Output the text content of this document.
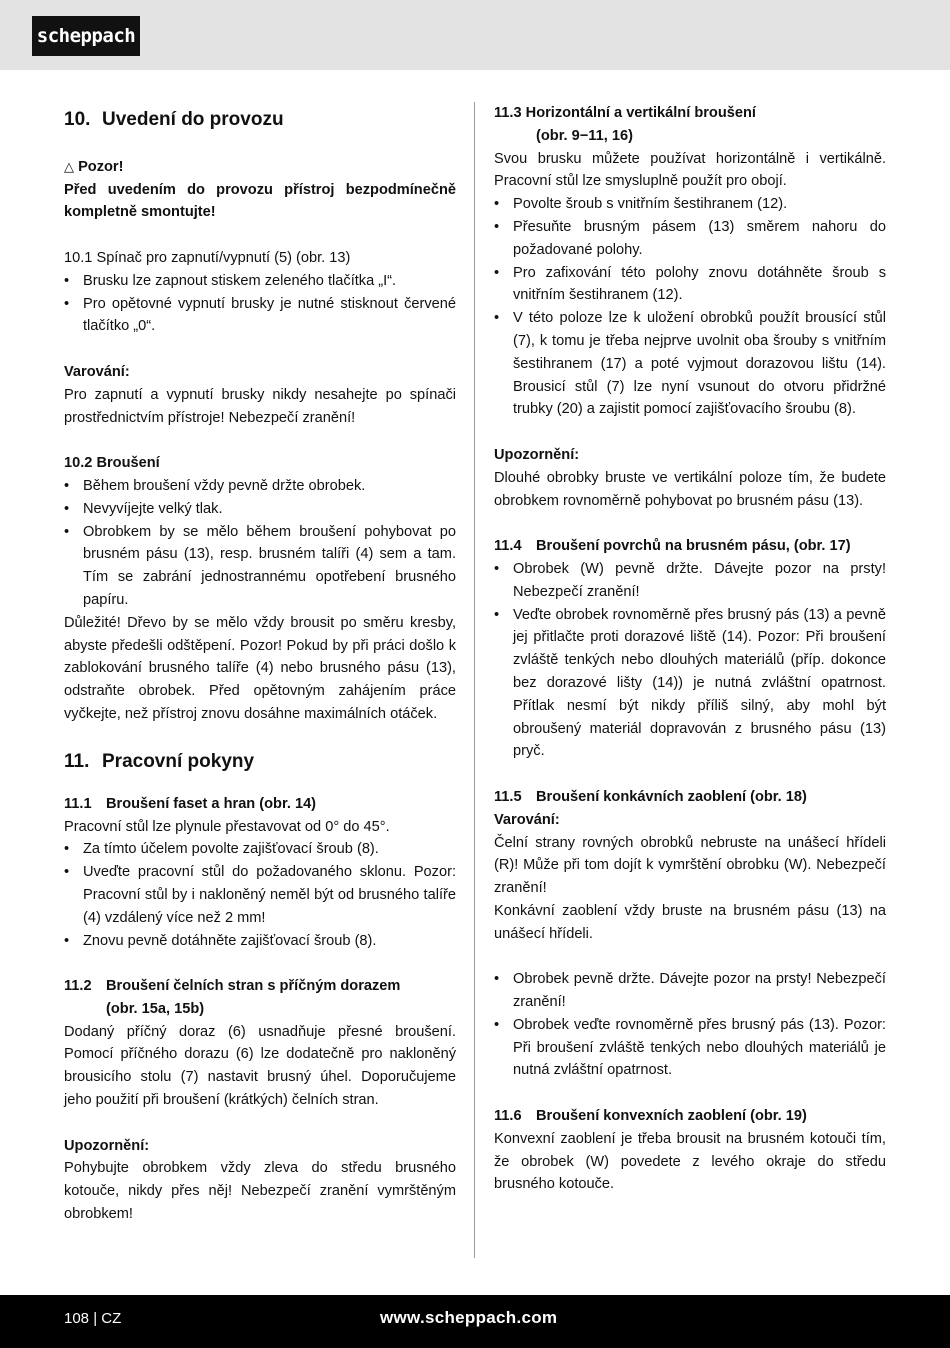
scheppach
10. Uvedení do provozu

△ Pozor!

Před uvedením do provozu přístroj bezpodmínečně kompletně smontujte!

10.1 Spínač pro zapnutí/vypnutí (5) (obr. 13)

• Brusku lze zapnout stiskem zeleného tlačítka „I“.
• Pro opětovné vypnutí brusky je nutné stisknout červené tlačítko „0“.

Varování:

Pro zapnutí a vypnutí brusky nikdy nesahejte po spínači prostřednictvím přístroje! Nebezpečí zranění!

10.2 Broušení

• Během broušení vždy pevně držte obrobek.
• Nevyvíjejte velký tlak.
• Obrobkem by se mělo během broušení pohybovat po brusném pásu (13), resp. brusném talíři (4) sem a tam. Tím se zabrání jednostrannému opotřebení brusného papíru.

Důležité! Dřevo by se mělo vždy brousit po směru kresby, abyste předešli odštěpení. Pozor! Pokud by při práci došlo k zablokování brusného talíře (4) nebo brusného pásu (13), odstraňte obrobek. Před opětovným zahájením práce vyčkejte, než přístroj znovu dosáhne maximálních otáček.

11. Pracovní pokyny

11.1 Broušení faset a hran (obr. 14)

Pracovní stůl lze plynule přestavovat od 0° do 45°.

• Za tímto účelem povolte zajišťovací šroub (8).
• Uveďte pracovní stůl do požadovaného sklonu. Pozor: Pracovní stůl by i nakloněný neměl být od brusného talíře (4) vzdálený více než 2 mm!
• Znovu pevně dotáhněte zajišťovací šroub (8).

11.2 Broušení čelních stran s příčným dorazem

(obr. 15a, 15b)

Dodaný příčný doraz (6) usnadňuje přesné broušení. Pomocí příčného dorazu (6) lze dodatečně pro nakloněný brousicího stolu (7) nastavit brusný úhel. Doporučujeme jeho použití při broušení (krátkých) čelních stran.

Upozornění:

Pohybujte obrobkem vždy zleva do středu brusného kotouče, nikdy přes něj! Nebezpečí zranění vymrštěným obrobkem!

11.3 Horizontální a vertikální broušení

(obr. 9−11, 16)

Svou brusku můžete používat horizontálně i vertikálně. Pracovní stůl lze smysluplně použít pro obojí.

• Povolte šroub s vnitřním šestihranem (12).
• Přesuňte brusným pásem (13) směrem nahoru do požadované polohy.
• Pro zafixování této polohy znovu dotáhněte šroub s vnitřním šestihranem (12).
• V této poloze lze k uložení obrobků použít brousící stůl (7), k tomu je třeba nejprve uvolnit oba šrouby s vnitřním šestihranem (17) a poté vyjmout dorazovou lištu (14). Brousicí stůl (7) lze nyní vsunout do otvoru přidržné trubky (20) a zajistit pomocí zajišťovacího šroubu (8).

Upozornění:

Dlouhé obrobky bruste ve vertikální poloze tím, že budete obrobkem rovnoměrně pohybovat po brusném pásu (13).

11.4 Broušení povrchů na brusném pásu, (obr. 17)

• Obrobek (W) pevně držte. Dávejte pozor na prsty! Nebezpečí zranění!
• Veďte obrobek rovnoměrně přes brusný pás (13) a pevně jej přitlačte proti dorazové liště (14). Pozor: Při broušení zvláště tenkých nebo dlouhých materiálů (příp. dokonce bez dorazové lišty (14)) je nutná zvláštní opatrnost. Přítlak nesmí být nikdy příliš silný, aby mohl být obroušený materiál dopravován z brusného pásu (13) pryč.

11.5 Broušení konkávních zaoblení (obr. 18)

Varování:

Čelní strany rovných obrobků nebruste na unášecí hřídeli (R)! Může při tom dojít k vymrštění obrobku (W). Nebezpečí zranění!

Konkávní zaoblení vždy bruste na brusném pásu (13) na unášecí hřídeli.

• Obrobek pevně držte. Dávejte pozor na prsty! Nebezpečí zranění!
• Obrobek veďte rovnoměrně přes brusný pás (13). Pozor: Při broušení zvláště tenkých nebo dlouhých materiálů je nutná zvláštní opatrnost.

11.6 Broušení konvexních zaoblení (obr. 19)

Konvexní zaoblení je třeba brousit na brusném kotouči tím, že obrobek (W) povedete z levého okraje do středu brusného kotouče.

108 | CZ	www.scheppach.com
